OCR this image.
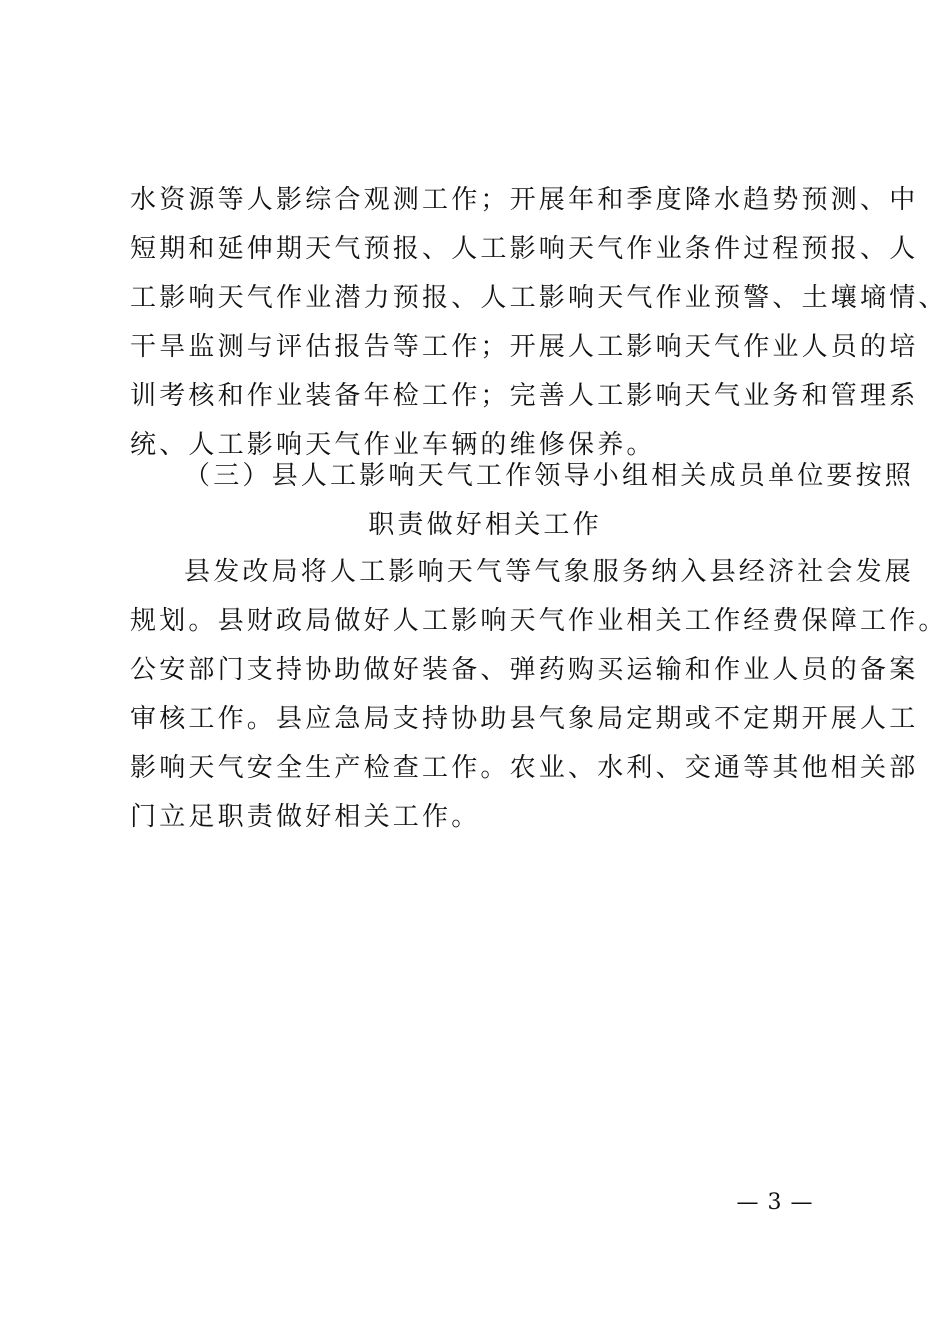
水资源等人影综合观测工作；开展年和季度降水趋势预测、中
短期和延伸期天气预报、人工影响天气作业条件过程预报、人
工影响天气作业潜力预报、人工影响天气作业预警、土壤墒情、
干旱监测与评估报告等工作；开展人工影响天气作业人员的培
训考核和作业装备年检工作；完善人工影响天气业务和管理系
统、人工影响天气作业车辆的维修保养。
（三）县人工影响天气工作领导小组相关成员单位要按照
职责做好相关工作
县发改局将人工影响天气等气象服务纳入县经济社会发展
规划。县财政局做好人工影响天气作业相关工作经费保障工作。
公安部门支持协助做好装备、弹药购买运输和作业人员的备案
审核工作。县应急局支持协助县气象局定期或不定期开展人工
影响天气安全生产检查工作。农业、水利、交通等其他相关部
门立足职责做好相关工作。
— 3 —
